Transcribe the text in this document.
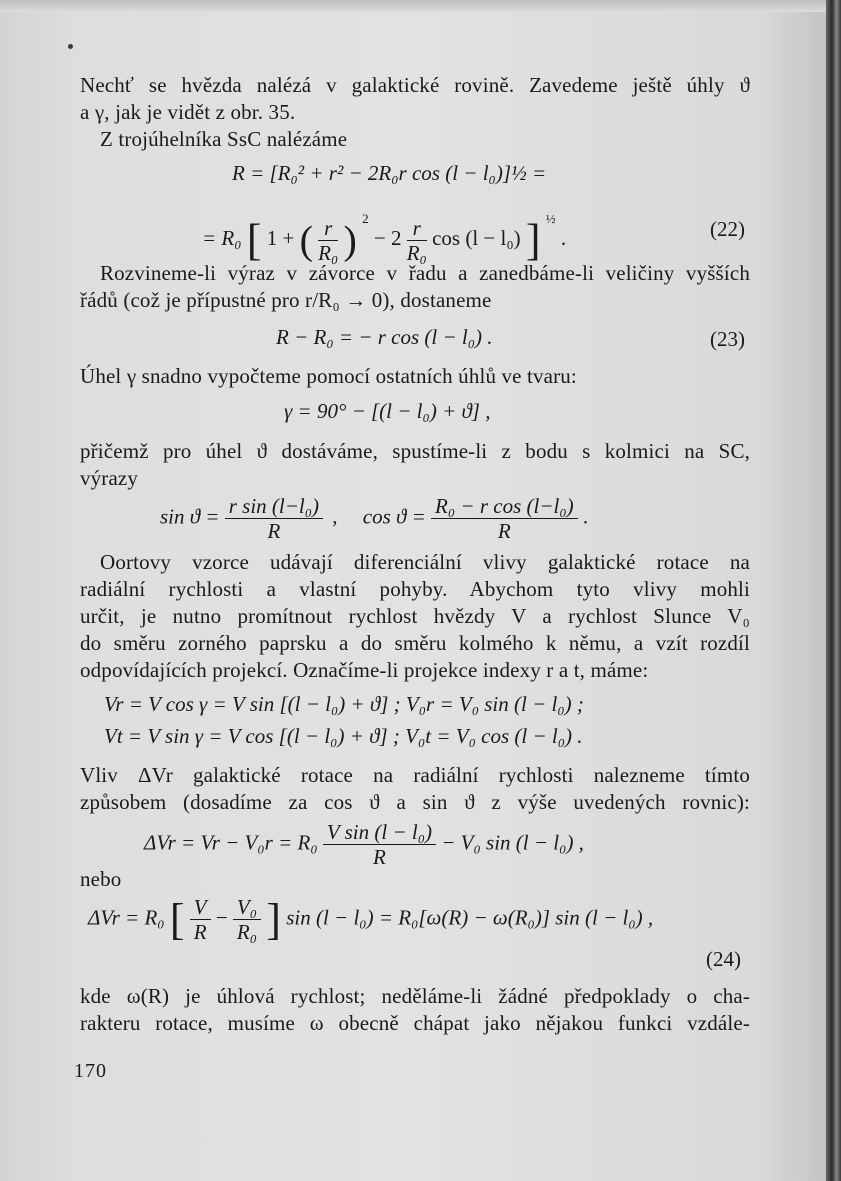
Nechť se hvězda nalézá v galaktické rovině. Zavedeme ještě úhly ϑ
a γ, jak je vidět z obr. 35.
Z trojúhelníka SsC nalézáme
R = [R₀² + r² − 2R₀r cos (l − l₀)]½ =
= R₀ [ 1 + ( $\frac{r}{\text{R₀}}$ ) $^2 - 2 \frac{r}{\text{R₀}}$ cos (l − l₀) ] $^{\frac{1}{2}}$ .	(22)
Rozvineme-li výraz v závorce v řadu a zanedbáme-li veličiny vyšších
řádů (což je přípustné pro r/R₀ → 0), dostaneme
R − R₀ = − r cos (l − l₀) .	(23)
Úhel γ snadno vypočteme pomocí ostatních úhlů ve tvaru:
γ = 90° − [(l − l₀) + ϑ] ,
přičemž pro úhel ϑ dostáváme, spustíme-li z bodu s kolmici na SC,
výrazy
$\sin ϑ = \frac{\text{r sin (l−l₀)}}{R}$ , $\cos ϑ = \frac{\text{R₀ − r cos (l−l₀)}}{R}$ .
Oortovy vzorce udávají diferenciální vlivy galaktické rotace na
radiální rychlosti a vlastní pohyby. Abychom tyto vlivy mohli
určit, je nutno promítnout rychlost hvězdy V a rychlost Slunce V₀
do směru zorného paprsku a do směru kolmého k němu, a vzít rozdíl
odpovídajících projekcí. Označíme-li projekce indexy r a t, máme:
Vr = V cos γ = V sin [(l − l₀) + ϑ] ; V₀r = V₀ sin (l − l₀) ;
Vt = V sin γ = V cos [(l − l₀) + ϑ] ; V₀t = V₀ cos (l − l₀) .
Vliv ΔVr galaktické rotace na radiální rychlosti nalezneme tímto
způsobem (dosadíme za cos ϑ a sin ϑ z výše uvedených rovnic):
$\Delta Vr = Vr - V_0r = R_0 \frac{\text{V sin (l − l₀)}}{R} - V_0$ sin (l − l₀) ,
nebo
ΔVr = R₀ [ $\frac{V}{R} - \frac{\text{V₀}}{\text{R₀}}$ ] sin (l − l₀) = R₀[ω(R) − ω(R₀)] sin (l − l₀) ,
(24)
kde ω(R) je úhlová rychlost; neděláme-li žádné předpoklady o cha-
rakteru rotace, musíme ω obecně chápat jako nějakou funkci vzdále-
170
